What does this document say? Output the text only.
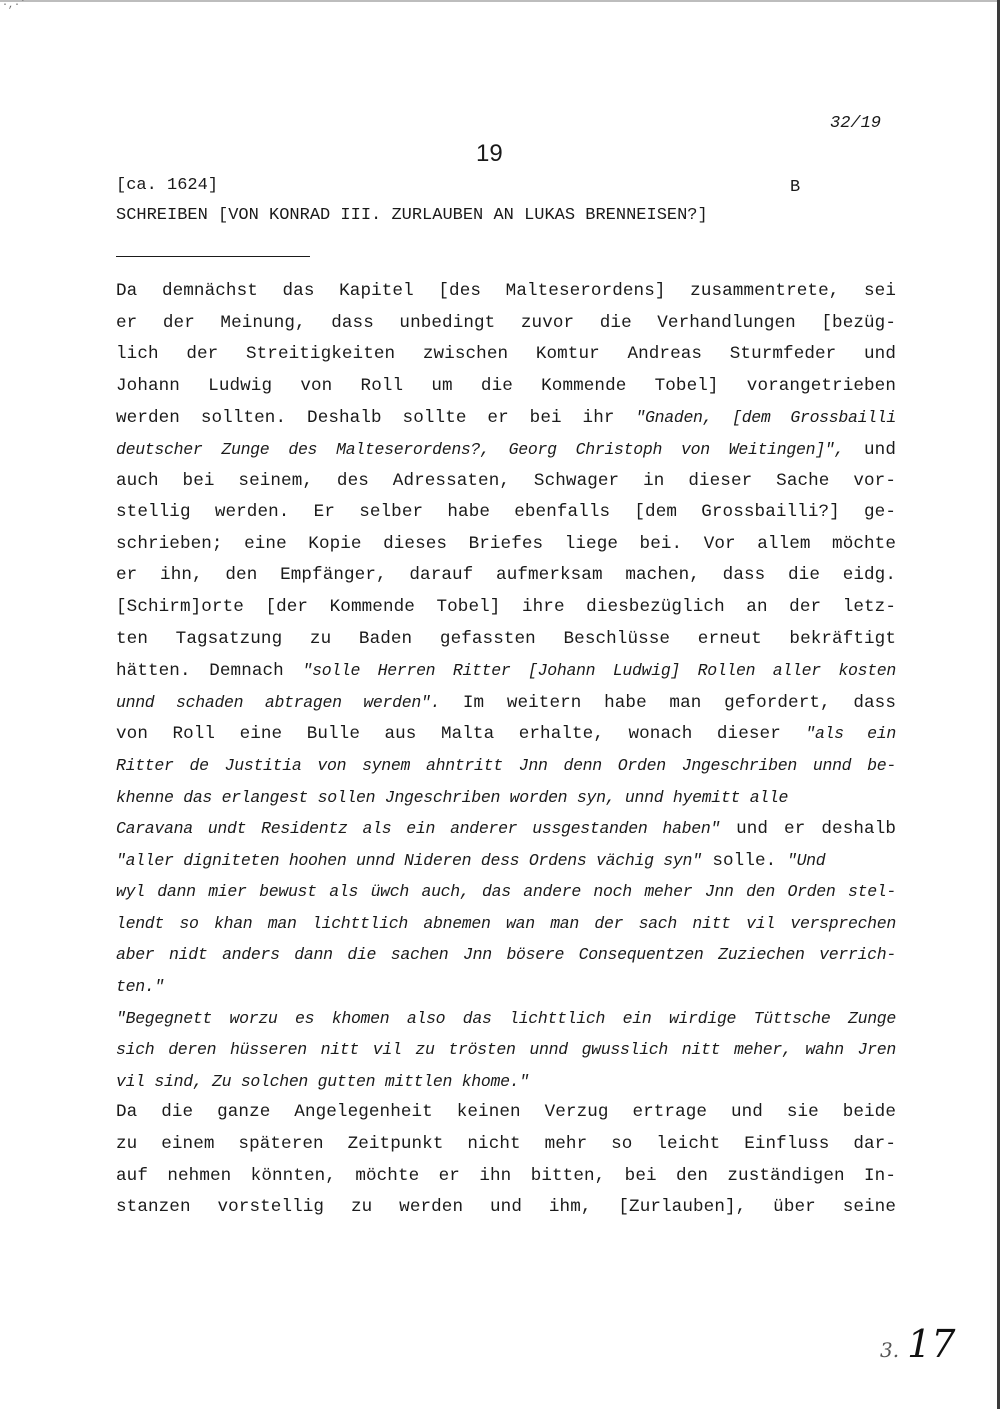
·,·´
32/19
19
[ca. 1624]	B
SCHREIBEN [VON KONRAD III. ZURLAUBEN AN LUKAS BRENNEISEN?]
Da demnächst das Kapitel [des Malteserordens] zusammentrete, sei
er der Meinung, dass unbedingt zuvor die Verhandlungen [bezüg-
lich der Streitigkeiten zwischen Komtur Andreas Sturmfeder und
Johann Ludwig von Roll um die Kommende Tobel] vorangetrieben
werden sollten. Deshalb sollte er bei ihr "Gnaden, [dem Grossbailli
deutscher Zunge des Malteserordens?, Georg Christoph von Weitingen]", und
auch bei seinem, des Adressaten, Schwager in dieser Sache vor-
stellig werden. Er selber habe ebenfalls [dem Grossbailli?] ge-
schrieben; eine Kopie dieses Briefes liege bei. Vor allem möchte
er ihn, den Empfänger, darauf aufmerksam machen, dass die eidg.
[Schirm]orte [der Kommende Tobel] ihre diesbezüglich an der letz-
ten Tagsatzung zu Baden gefassten Beschlüsse erneut bekräftigt
hätten. Demnach "solle Herren Ritter [Johann Ludwig] Rollen aller kosten
unnd schaden abtragen werden". Im weitern habe man gefordert, dass
von Roll eine Bulle aus Malta erhalte, wonach dieser "als ein
Ritter de Justitia von synem ahntritt Jnn denn Orden Jngeschriben unnd be-
khenne das erlangest sollen Jngeschriben worden syn, unnd hyemitt alle
Caravana undt Residentz als ein anderer ussgestanden haben" und er deshalb
"aller digniteten hoohen unnd Nideren dess Ordens vächig syn" solle. "Und
wyl dann mier bewust als üwch auch, das andere noch meher Jnn den Orden stel-
lendt so khan man lichttlich abnemen wan man der sach nitt vil versprechen
aber nidt anders dann die sachen Jnn bösere Consequentzen Zuziechen verrich-
ten."
"Begegnett worzu es khomen also das lichttlich ein wirdige Tüttsche Zunge
sich deren hüsseren nitt vil zu trösten unnd gwusslich nitt meher, wahn Jren
vil sind, Zu solchen gutten mittlen khome."
Da die ganze Angelegenheit keinen Verzug ertrage und sie beide
zu einem späteren Zeitpunkt nicht mehr so leicht Einfluss dar-
auf nehmen könnten, möchte er ihn bitten, bei den zuständigen In-
stanzen vorstellig zu werden und ihm, [Zurlauben], über seine
3. 17
